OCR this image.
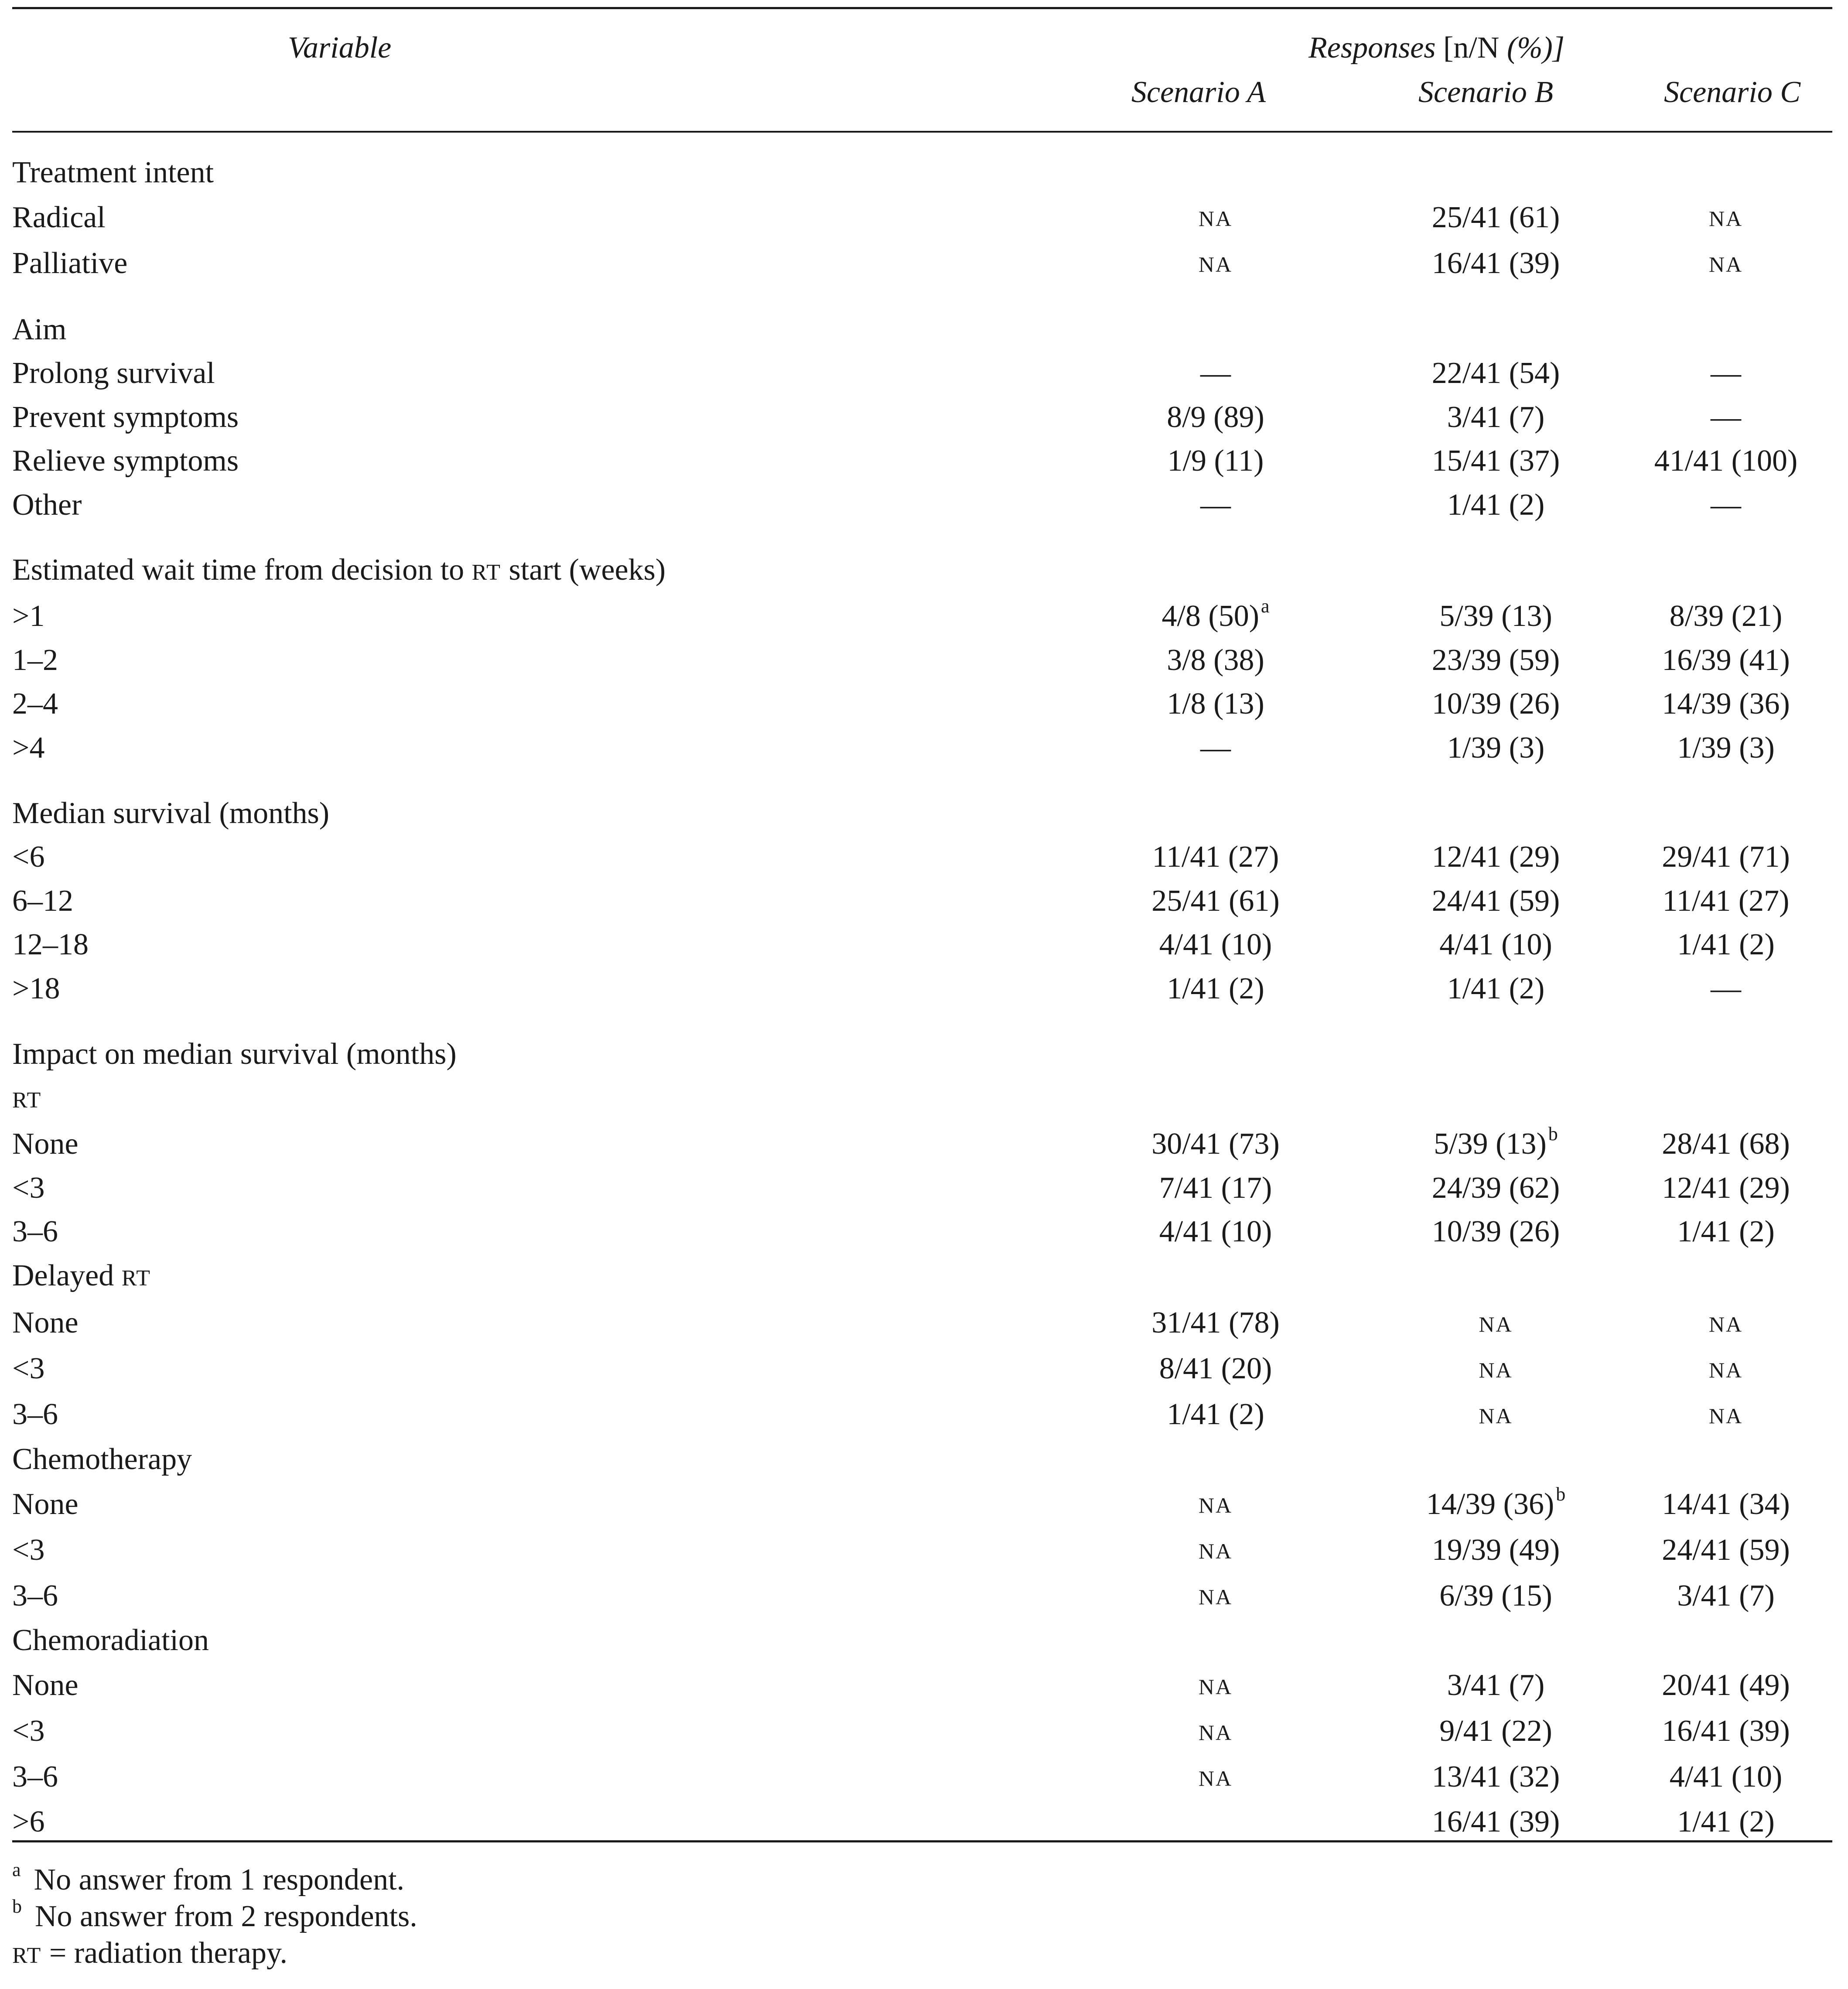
Variable	Responses [n/N (%)]
Scenario A	Scenario B	Scenario C
Treatment intent			
Radical	NA	25/41 (61)	NA
Palliative	NA	16/41 (39)	NA

Aim			
Prolong survival	—	22/41 (54)	—
Prevent symptoms	8/9 (89)	3/41 (7)	—
Relieve symptoms	1/9 (11)	15/41 (37)	41/41 (100)
Other	—	1/41 (2)	—

Estimated wait time from decision to RT start (weeks)			
>1	4/8 $(50)^a$	5/39 (13)	8/39 (21)
1–2	3/8 (38)	23/39 (59)	16/39 (41)
2–4	1/8 (13)	10/39 (26)	14/39 (36)
>4	—	1/39 (3)	1/39 (3)

Median survival (months)			
<6	11/41 (27)	12/41 (29)	29/41 (71)
6–12	25/41 (61)	24/41 (59)	11/41 (27)
12–18	4/41 (10)	4/41 (10)	1/41 (2)
>18	1/41 (2)	1/41 (2)	—

Impact on median survival (months)			
RT			
None	30/41 (73)	5/39 $(13)^b$	28/41 (68)
<3	7/41 (17)	24/39 (62)	12/41 (29)
3–6	4/41 (10)	10/39 (26)	1/41 (2)
Delayed RT			
None	31/41 (78)	NA	NA
<3	8/41 (20)	NA	NA
3–6	1/41 (2)	NA	NA
Chemotherapy			
None	NA	14/39 $(36)^b$	14/41 (34)
<3	NA	19/39 (49)	24/41 (59)
3–6	NA	6/39 (15)	3/41 (7)
Chemoradiation			
None	NA	3/41 (7)	20/41 (49)
<3	NA	9/41 (22)	16/41 (39)
3–6	NA	13/41 (32)	4/41 (10)
>6		16/41 (39)	1/41 (2)
$^a$ No answer from 1 respondent.
$^b$ No answer from 2 respondents.
RT = radiation therapy.
